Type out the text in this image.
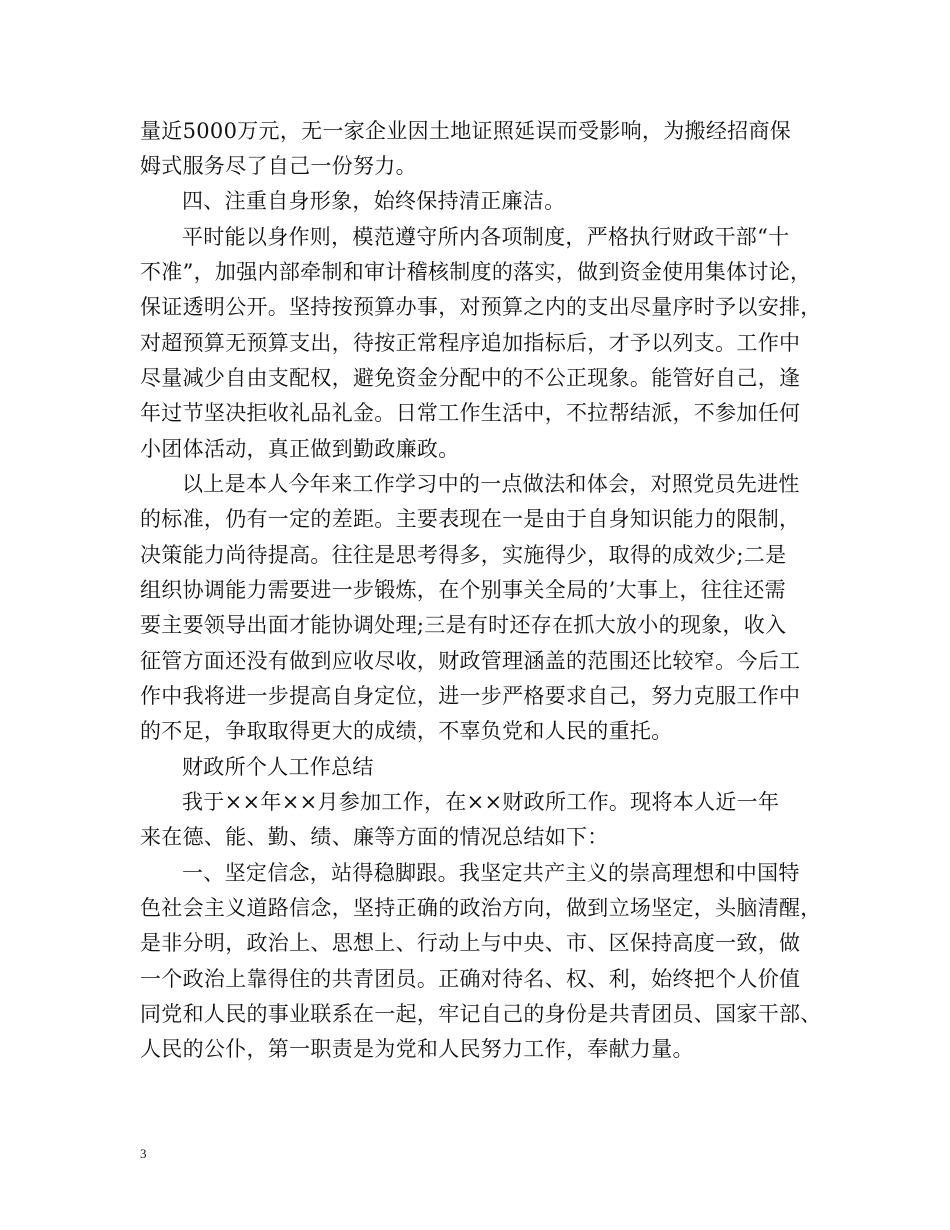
量近5000万元，无一家企业因土地证照延误而受影响，为搬经招商保
姆式服务尽了自己一份努力。
四、注重自身形象，始终保持清正廉洁。
平时能以身作则，模范遵守所内各项制度，严格执行财政干部“十
不准”，加强内部牵制和审计稽核制度的落实，做到资金使用集体讨论，
保证透明公开。坚持按预算办事，对预算之内的支出尽量序时予以安排，
对超预算无预算支出，待按正常程序追加指标后，才予以列支。工作中
尽量减少自由支配权，避免资金分配中的不公正现象。能管好自己，逢
年过节坚决拒收礼品礼金。日常工作生活中，不拉帮结派，不参加任何
小团体活动，真正做到勤政廉政。
以上是本人今年来工作学习中的一点做法和体会，对照党员先进性
的标准，仍有一定的差距。主要表现在一是由于自身知识能力的限制，
决策能力尚待提高。往往是思考得多，实施得少，取得的成效少;二是
组织协调能力需要进一步锻炼，在个别事关全局的’大事上，往往还需
要主要领导出面才能协调处理;三是有时还存在抓大放小的现象，收入
征管方面还没有做到应收尽收，财政管理涵盖的范围还比较窄。今后工
作中我将进一步提高自身定位，进一步严格要求自己，努力克服工作中
的不足，争取取得更大的成绩，不辜负党和人民的重托。
财政所个人工作总结
我于××年××月参加工作，在××财政所工作。现将本人近一年
来在德、能、勤、绩、廉等方面的情况总结如下：
一、坚定信念，站得稳脚跟。我坚定共产主义的崇高理想和中国特
色社会主义道路信念，坚持正确的政治方向，做到立场坚定，头脑清醒，
是非分明，政治上、思想上、行动上与中央、市、区保持高度一致，做
一个政治上靠得住的共青团员。正确对待名、权、利，始终把个人价值
同党和人民的事业联系在一起，牢记自己的身份是共青团员、国家干部、
人民的公仆，第一职责是为党和人民努力工作，奉献力量。
3
